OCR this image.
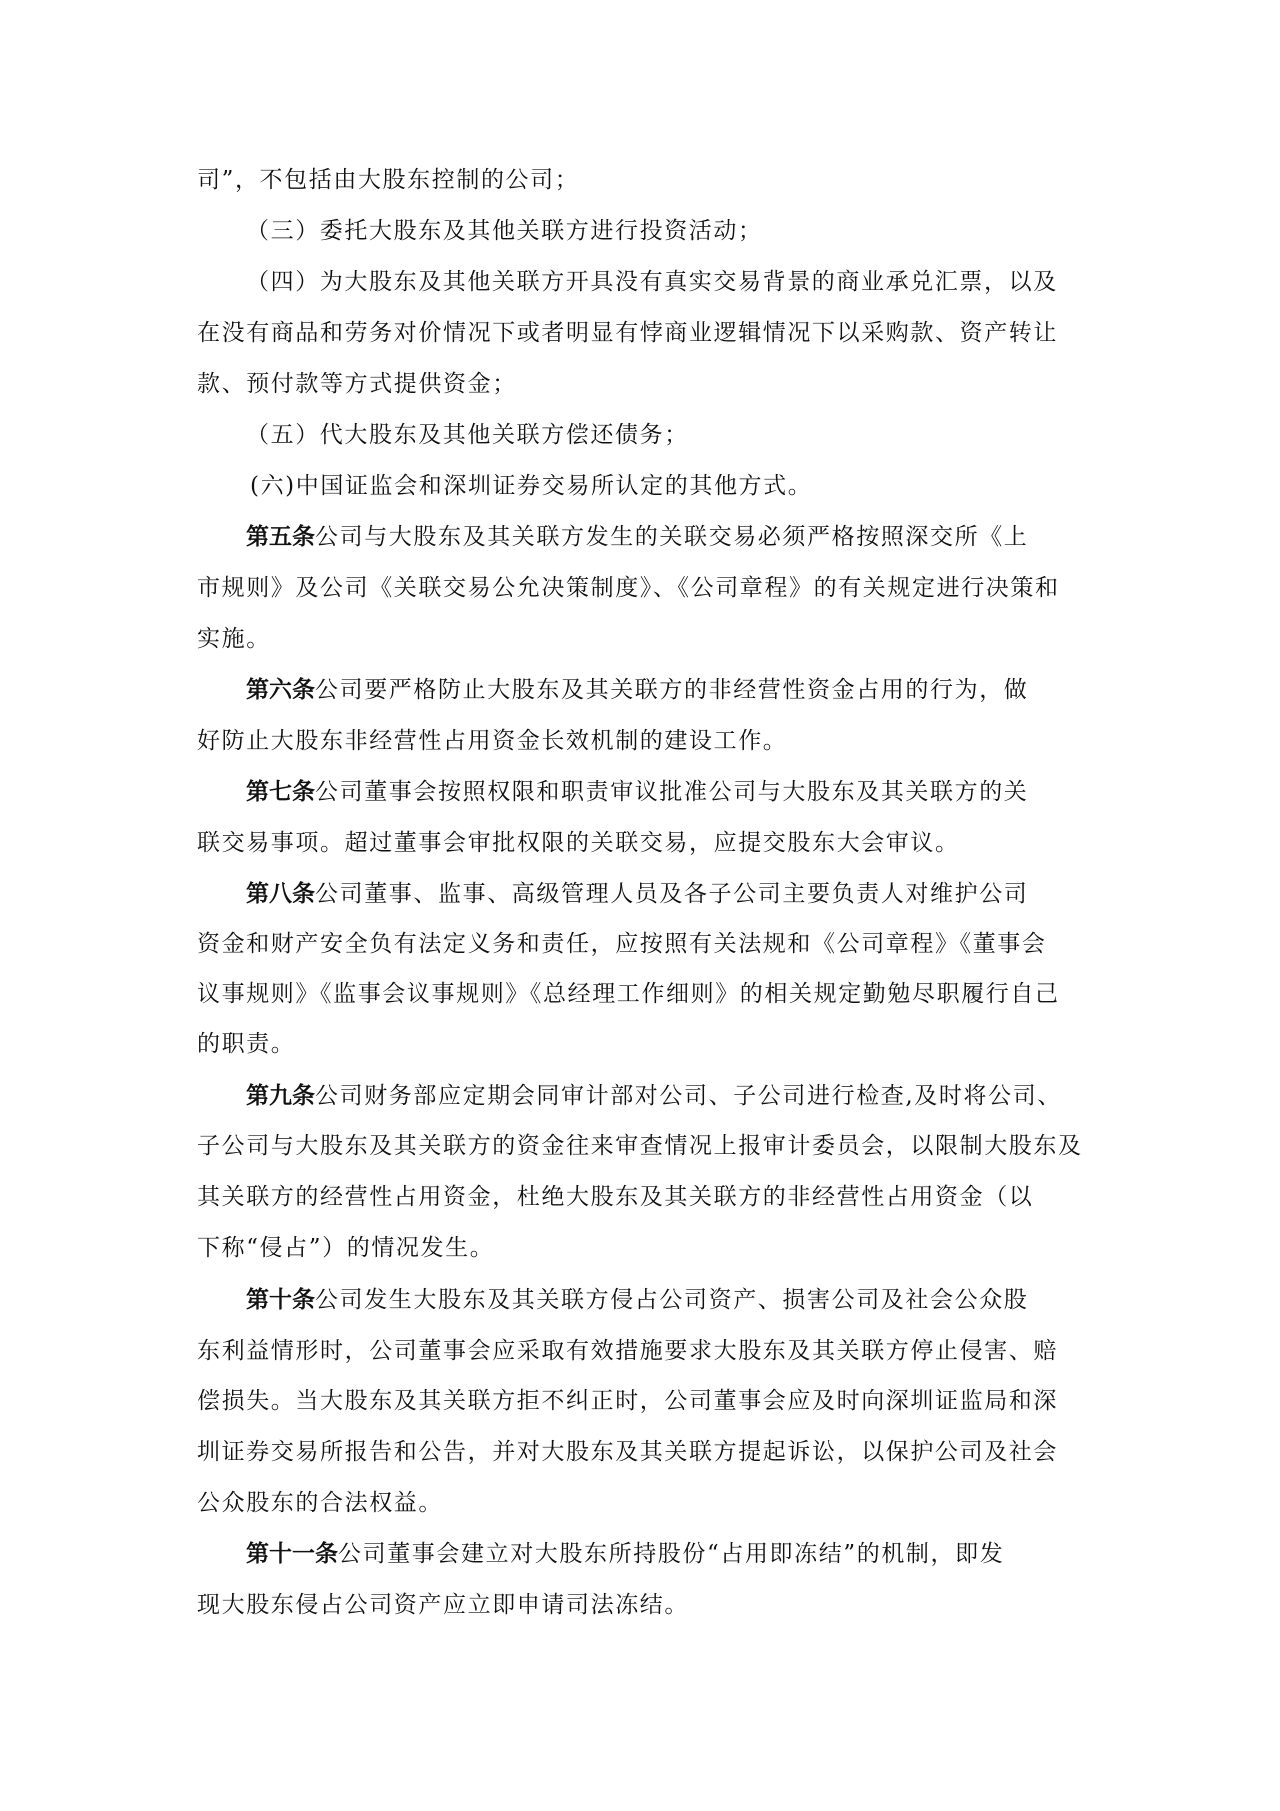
司”，不包括由大股东控制的公司；
（三）委托大股东及其他关联方进行投资活动；
（四）为大股东及其他关联方开具没有真实交易背景的商业承兑汇票，以及
在没有商品和劳务对价情况下或者明显有悖商业逻辑情况下以采购款、资产转让
款、预付款等方式提供资金；
（五）代大股东及其他关联方偿还债务；
(六)中国证监会和深圳证券交易所认定的其他方式。
第五条公司与大股东及其关联方发生的关联交易必须严格按照深交所《上
市规则》及公司《关联交易公允决策制度》、《公司章程》的有关规定进行决策和
实施。
第六条公司要严格防止大股东及其关联方的非经营性资金占用的行为，做
好防止大股东非经营性占用资金长效机制的建设工作。
第七条公司董事会按照权限和职责审议批准公司与大股东及其关联方的关
联交易事项。超过董事会审批权限的关联交易，应提交股东大会审议。
第八条公司董事、监事、高级管理人员及各子公司主要负责人对维护公司
资金和财产安全负有法定义务和责任，应按照有关法规和《公司章程》《董事会
议事规则》《监事会议事规则》《总经理工作细则》的相关规定勤勉尽职履行自己
的职责。
第九条公司财务部应定期会同审计部对公司、子公司进行检查,及时将公司、
子公司与大股东及其关联方的资金往来审查情况上报审计委员会，以限制大股东及
其关联方的经营性占用资金，杜绝大股东及其关联方的非经营性占用资金（以
下称“侵占”）的情况发生。
第十条公司发生大股东及其关联方侵占公司资产、损害公司及社会公众股
东利益情形时，公司董事会应采取有效措施要求大股东及其关联方停止侵害、赔
偿损失。当大股东及其关联方拒不纠正时，公司董事会应及时向深圳证监局和深
圳证券交易所报告和公告，并对大股东及其关联方提起诉讼，以保护公司及社会
公众股东的合法权益。
第十一条公司董事会建立对大股东所持股份“占用即冻结”的机制，即发
现大股东侵占公司资产应立即申请司法冻结。
